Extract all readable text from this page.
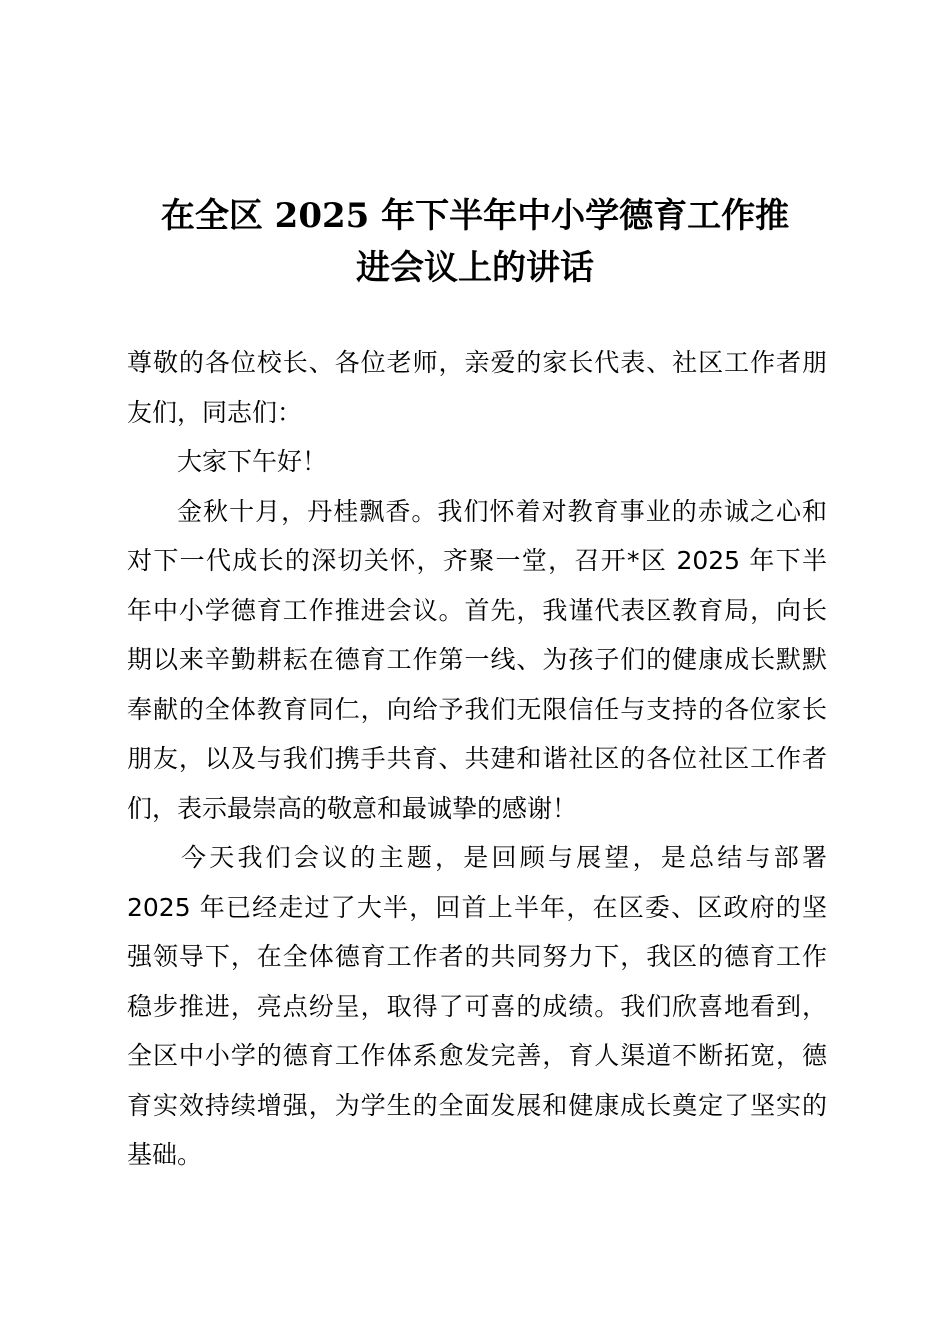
在全区 2025 年下半年中小学德育工作推
进会议上的讲话

尊敬的各位校长、各位老师，亲爱的家长代表、社区工作者朋
友们，同志们：

大家下午好！

金秋十月，丹桂飘香。我们怀着对教育事业的赤诚之心和
对下一代成长的深切关怀，齐聚一堂，召开*区 2025 年下半
年中小学德育工作推进会议。首先，我谨代表区教育局，向长
期以来辛勤耕耘在德育工作第一线、为孩子们的健康成长默默
奉献的全体教育同仁，向给予我们无限信任与支持的各位家长
朋友，以及与我们携手共育、共建和谐社区的各位社区工作者
们，表示最崇高的敬意和最诚挚的感谢！

今天我们会议的主题，是回顾与展望，是总结与部署
2025 年已经走过了大半，回首上半年，在区委、区政府的坚
强领导下，在全体德育工作者的共同努力下，我区的德育工作
稳步推进，亮点纷呈，取得了可喜的成绩。我们欣喜地看到，
全区中小学的德育工作体系愈发完善，育人渠道不断拓宽，德
育实效持续增强，为学生的全面发展和健康成长奠定了坚实的
基础。
